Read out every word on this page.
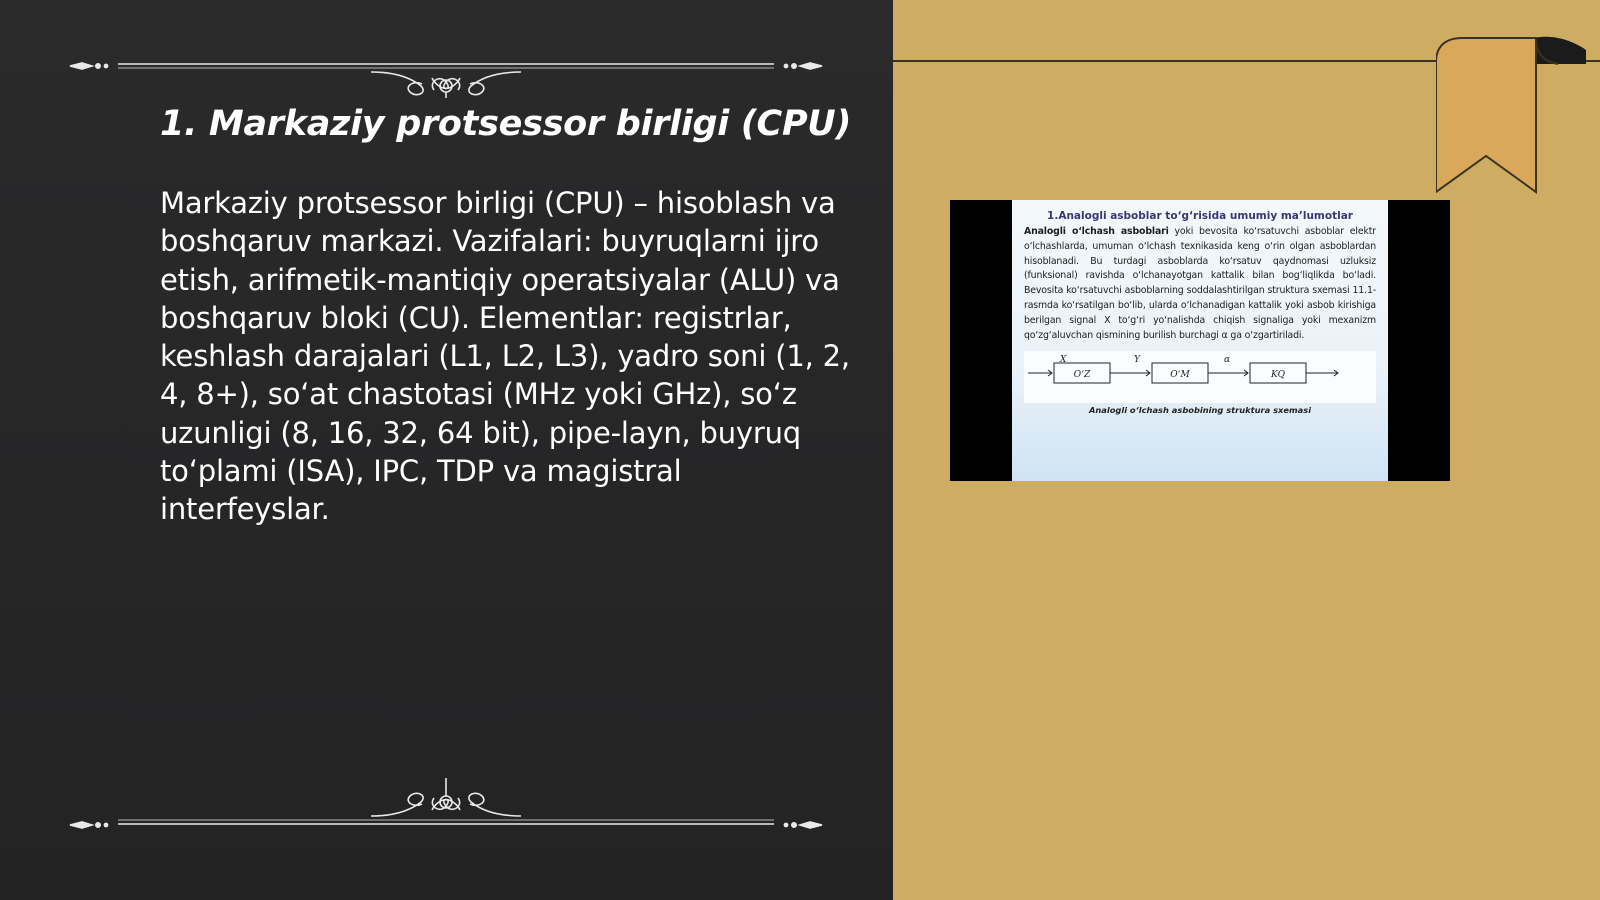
1. Markaziy protsessor birligi (CPU)
Markaziy protsessor birligi (CPU) – hisoblash va boshqaruv markazi. Vazifalari: buyruqlarni ijro etish, arifmetik-mantiqiy operatsiyalar (ALU) va boshqaruv bloki (CU). Elementlar: registrlar, keshlash darajalari (L1, L2, L3), yadro soni (1, 2, 4, 8+), so‘at chastotasi (MHz yoki GHz), so‘z uzunligi (8, 16, 32, 64 bit), pipe-layn, buyruq to‘plami (ISA), IPC, TDP va magistral interfeyslar.
1.Analogli asboblar to‘g‘risida umumiy ma’lumotlar
Analogli o‘lchash asboblari yoki bevosita ko‘rsatuvchi asboblar elektr o‘lchashlarda, umuman o‘lchash texnikasida keng o‘rin olgan asboblardan hisoblanadi. Bu turdagi asboblarda ko‘rsatuv qaydnomasi uzluksiz (funksional) ravishda o‘lchanayotgan kattalik bilan bog‘liqlikda bo‘ladi. Bevosita ko‘rsatuvchi asboblarning soddalashtirilgan struktura sxemasi 11.1- rasmda ko‘rsatilgan bo‘lib, ularda o‘lchanadigan kattalik yoki asbob kirishiga berilgan signal X to‘g‘ri yo‘nalishda chiqish signaliga yoki mexanizm qo‘zg‘aluvchan qismining burilish burchagi α ga o‘zgartiriladi.
X	Y	α
O‘Z	O‘M	KQ
Analogli o‘lchash asbobining struktura sxemasi
